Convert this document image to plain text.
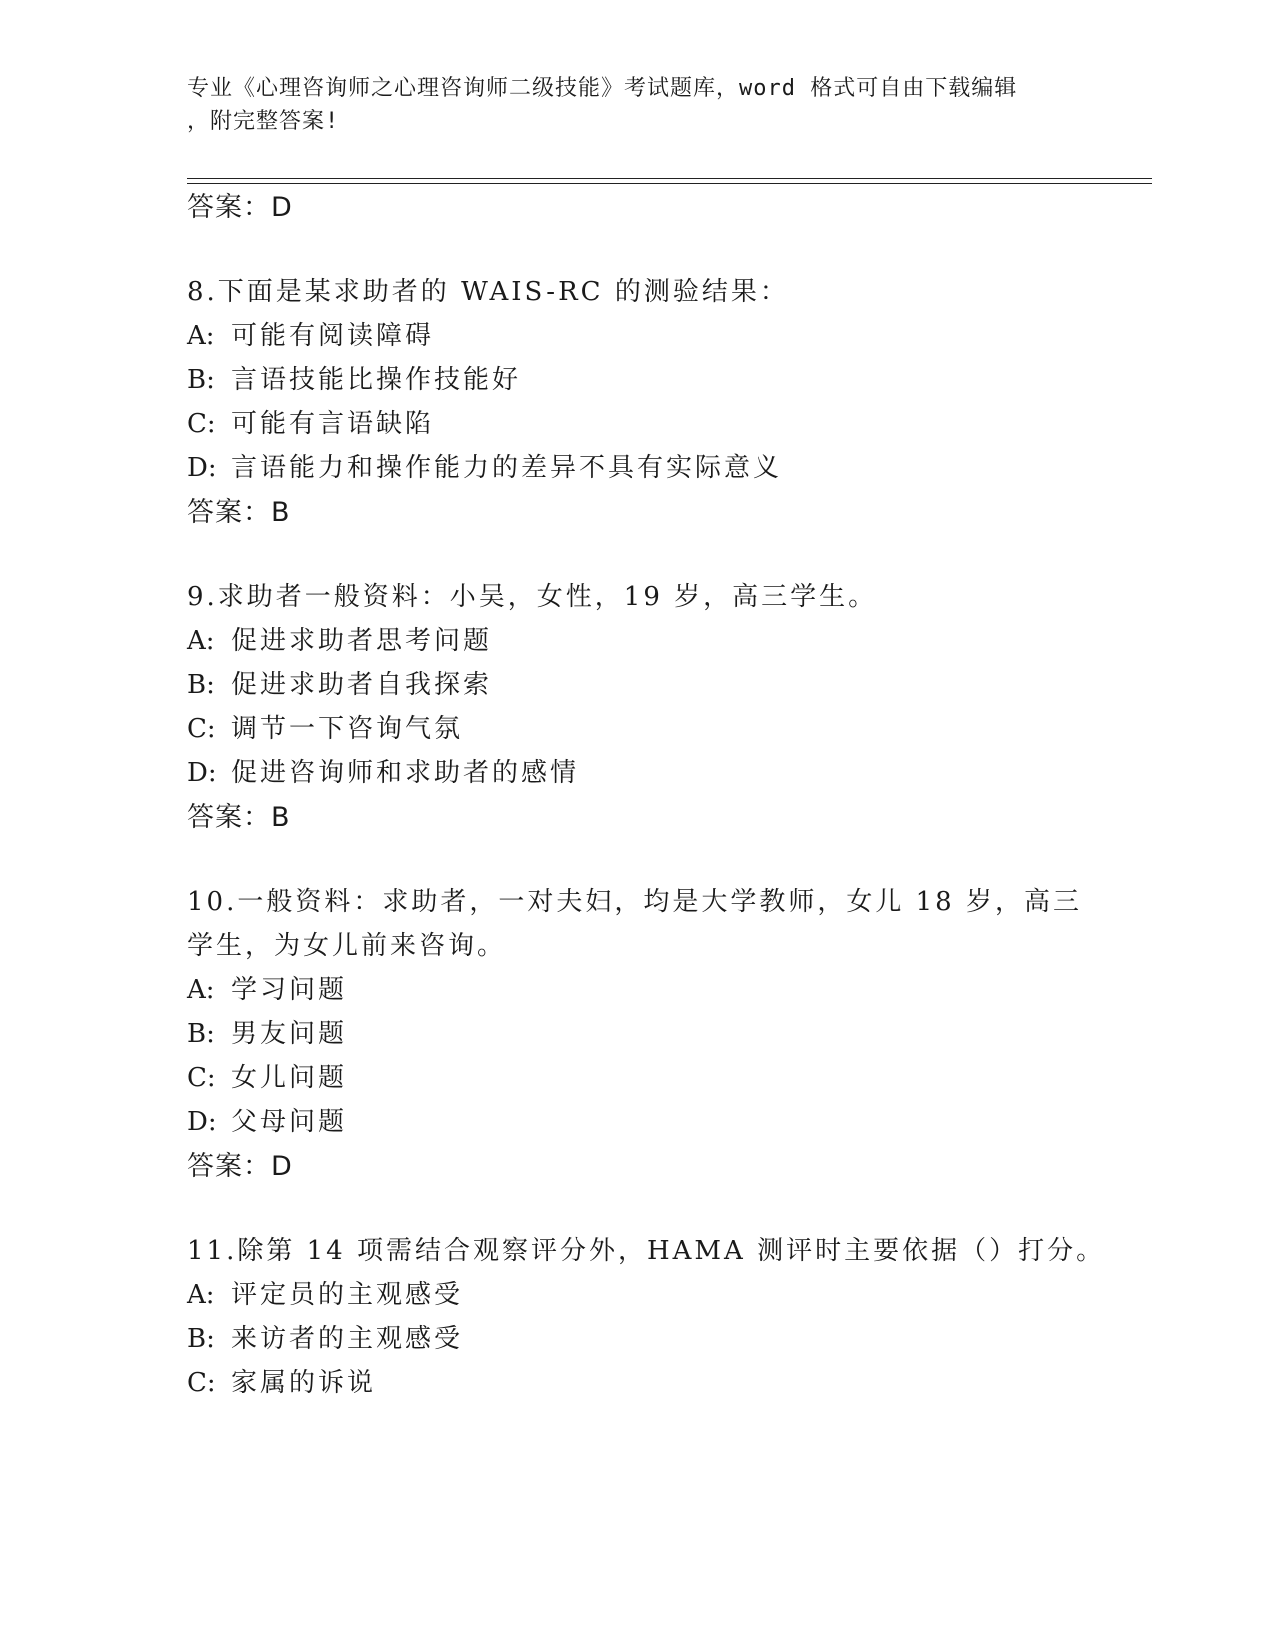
专业《心理咨询师之心理咨询师二级技能》考试题库，word 格式可自由下载编辑
，附完整答案!
答案：D
8.下面是某求助者的 WAIS-RC 的测验结果：
A: 可能有阅读障碍
B: 言语技能比操作技能好
C: 可能有言语缺陷
D: 言语能力和操作能力的差异不具有实际意义
答案：B
9.求助者一般资料：小吴，女性，19 岁，高三学生。
A: 促进求助者思考问题
B: 促进求助者自我探索
C: 调节一下咨询气氛
D: 促进咨询师和求助者的感情
答案：B
10.一般资料：求助者，一对夫妇，均是大学教师，女儿 18 岁，高三
学生，为女儿前来咨询。
A: 学习问题
B: 男友问题
C: 女儿问题
D: 父母问题
答案：D
11.除第 14 项需结合观察评分外，HAMA 测评时主要依据（）打分。
A: 评定员的主观感受
B: 来访者的主观感受
C: 家属的诉说
